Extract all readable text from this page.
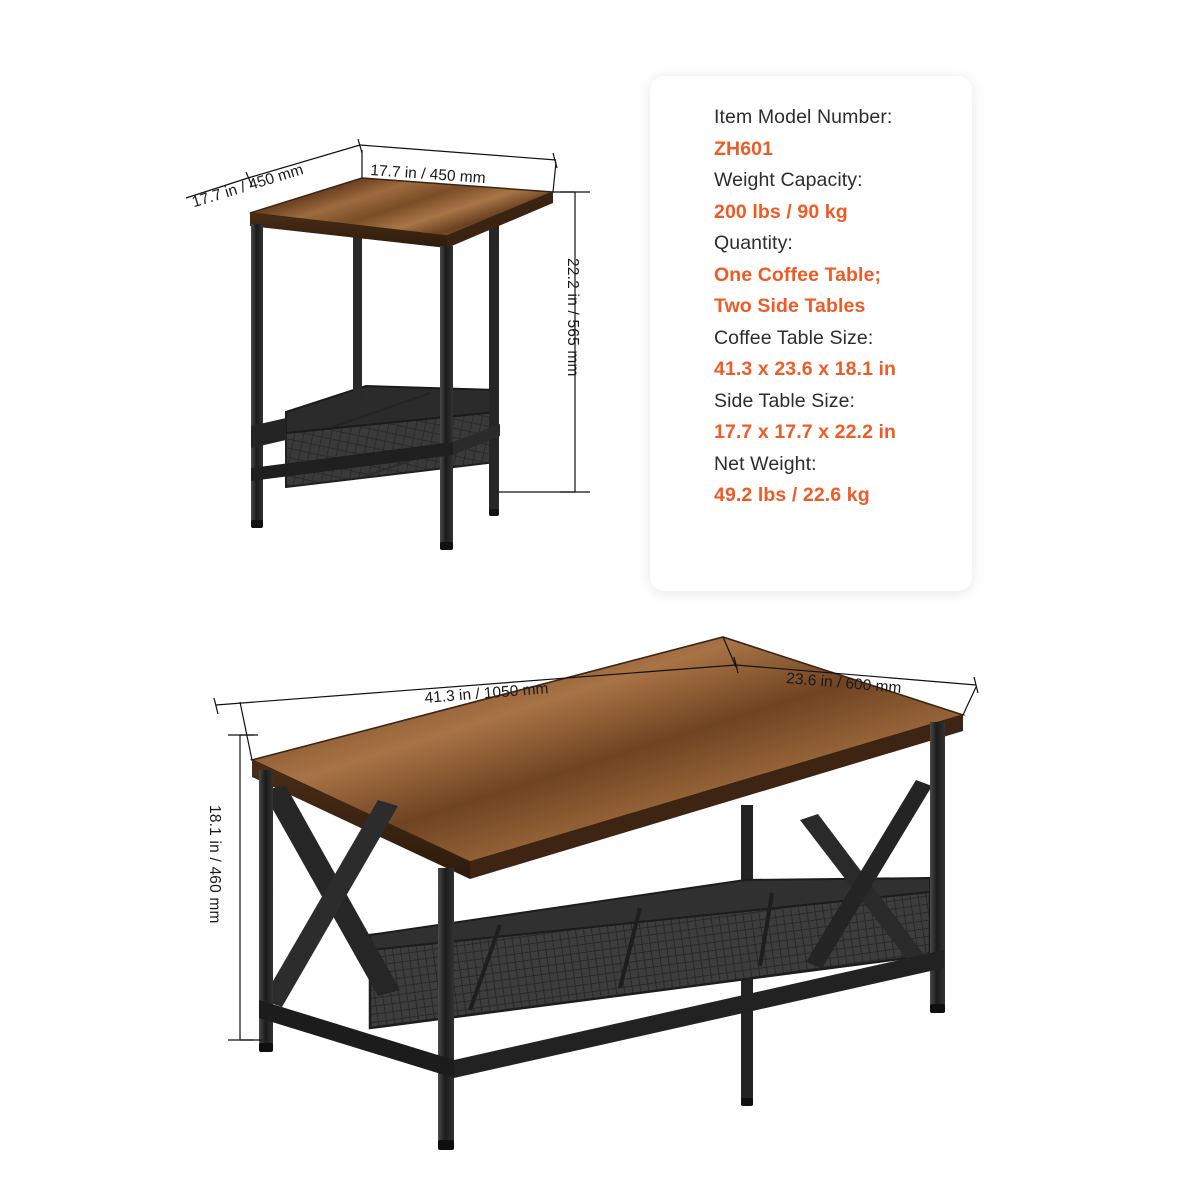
Item Model Number:
ZH601
Weight Capacity:
200 lbs / 90 kg
Quantity:
One Coffee Table;
Two Side Tables
Coffee Table Size:
41.3 x 23.6 x 18.1 in
Side Table Size:
17.7 x 17.7 x 22.2 in
Net Weight:
49.2 lbs / 22.6 kg
17.7 in / 450 mm	17.7 in / 450 mm
22.2 in / 565 mm
41.3 in / 1050 mm	23.6 in / 600 mm
18.1 in / 460 mm
